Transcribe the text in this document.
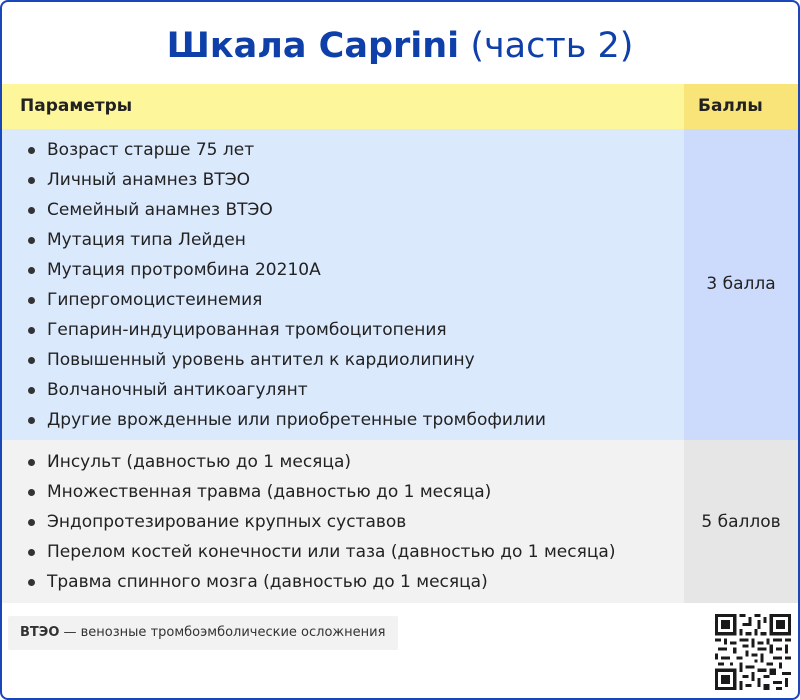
Шкала Caprini (часть 2)
Параметры	Баллы
Возраст старше 75 лет
Личный анамнез ВТЭО
Семейный анамнез ВТЭО
Мутация типа Лейден
Мутация протромбина 20210А
Гипергомоцистеинемия
Гепарин-индуцированная тромбоцитопения
Повышенный уровень антител к кардиолипину
Волчаночный антикоагулянт
Другие врожденные или приобретенные тромбофилии
3 балла
Инсульт (давностью до 1 месяца)
Множественная травма (давностью до 1 месяца)
Эндопротезирование крупных суставов
Перелом костей конечности или таза (давностью до 1 месяца)
Травма спинного мозга (давностью до 1 месяца)
5 баллов
ВТЭО — венозные тромбоэмболические осложнения
